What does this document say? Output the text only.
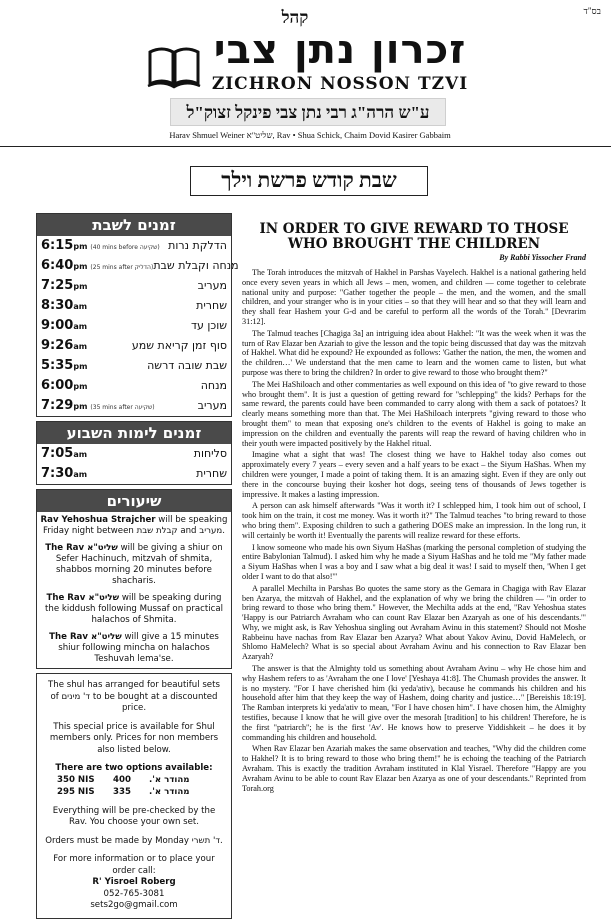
בס"ד
קהל
זכרון נתן צבי
ZICHRON NOSSON TZVI
ע"ש הרה"ג רבי נתן צבי פינקל זצוק"ל
Harav Shmuel Weiner שליט"א, Rav • Shua Schick, Chaim Dovid Kasirer Gabbaim
שבת קודש פרשת וילך
זמנים לשבת
6:15pm (40 mins before שקיעה) הדלקת נרות
6:40pm (25 mins after הדליק) מנחה וקבלת שבת
7:25pm	מעריב
8:30am	שחרית
9:00am	שוכן עד
9:26am	סוף זמן קריאת שמע
5:35pm	שבת שובה דרשה
6:00pm	מנחה
7:29pm (35 mins after שקיעה)	מעריב
זמנים לימות השבוע
7:05am	סליחות
7:30am	שחרית
שיעורים
Rav Yehoshua Strajcher will be speaking Friday night between קבלת שבת and מעריב.
The Rav שליט"א will be giving a shiur on Sefer Hachinuch, mitzvah of shmita, shabbos morning 20 minutes before shacharis.
The Rav שליט"א will be speaking during the kiddush following Mussaf on practical halachos of Shmita.
The Rav שליט"א will give a 15 minutes shiur following mincha on halachos Teshuvah lema'se.

The shul has arranged for beautiful sets of ד' מינים to be bought at a discounted price.

This special price is available for Shul members only. Prices for non members also listed below.

There are two options available:
350 NIS	400	מהודר א'.
295 NIS	335	מהודר א'.

Everything will be pre-checked by the Rav. You choose your own set.

Orders must be made by Monday ד' תשרי.

For more information or to place your order call:

R' Yisroel Roberg
052-765-3081
sets2go@gmail.com
IN ORDER TO GIVE REWARD TO THOSE WHO BROUGHT THE CHILDREN
By Rabbi Yissocher Frand

The Torah introduces the mitzvah of Hakhel in Parshas Vayelech. Hakhel is a national gathering held once every seven years in which all Jews – men, women, and children — come together to celebrate national unity and purpose: "Gather together the people – the men, and the women, and the small children, and your stranger who is in your cities – so that they will hear and so that they will learn and they shall fear Hashem your G-d and be careful to perform all the words of the Torah." [Devrarim 31:12].

The Talmud teaches [Chagiga 3a] an intriguing idea about Hakhel: "It was the week when it was the turn of Rav Elazar ben Azariah to give the lesson and the topic being discussed that day was the mitzvah of Hakhel. What did he expound? He expounded as follows: 'Gather the nation, the men, the women and the children…' We understand that the men came to learn and the women came to listen, but what purpose was there to bring the children? In order to give reward to those who brought them?"

The Mei HaShiloach and other commentaries as well expound on this idea of "to give reward to those who brought them". It is just a question of getting reward for "schlepping" the kids? Perhaps for the same reward, the parents could have been commanded to carry along with them a sack of potatoes? It clearly means something more than that. The Mei HaShiloach interprets "giving reward to those who brought them" to mean that exposing one's children to the events of Hakhel is going to make an impression on the children and eventually the parents will reap the reward of having children who in their youth were impacted positively by the Hakhel ritual.

Imagine what a sight that was! The closest thing we have to Hakhel today also comes out approximately every 7 years – every seven and a half years to be exact – the Siyum HaShas. When my children were younger, I made a point of taking them. It is an amazing sight. Even if they are only out there in the concourse buying their kosher hot dogs, seeing tens of thousands of Jews together is impressive. It makes a lasting impression.

A person can ask himself afterwards "Was it worth it? I schlepped him, I took him out of school, I took him on the train, it cost me money. Was it worth it?" The Talmud teaches "to bring reward to those who bring them". Exposing children to such a gathering DOES make an impression. In the long run, it will certainly be worth it! Eventually the parents will realize reward for these efforts.

I know someone who made his own Siyum HaShas (marking the personal completion of studying the entire Babylonian Talmud). I asked him why he made a Siyum HaShas and he told me "My father made a Siyum HaShas when I was a boy and I saw what a big deal it was! I said to myself then, 'When I get older I want to do that also!'"

A parallel Mechilta in Parshas Bo quotes the same story as the Gemara in Chagiga with Rav Elazar ben Azarya, the mitzvah of Hakhel, and the explanation of why we bring the children — "in order to bring reward to those who bring them." However, the Mechilta adds at the end, "Rav Yehoshua states 'Happy is our Patriarch Avraham who can count Rav Elazar ben Azaryah as one of his descendants.'" Why, we might ask, is Rav Yehoshua singling out Avraham Avinu in this statement? Should not Moshe Rabbeinu have nachas from Rav Elazar ben Azarya? What about Yakov Avinu, Dovid HaMelech, or Shlomo HaMelech? What is so special about Avraham Avinu and his connection to Rav Elazar ben Azaryah?

The answer is that the Almighty told us something about Avraham Avinu – why He chose him and why Hashem refers to as 'Avraham the one I love' [Yeshaya 41:8]. The Chumash provides the answer. It is no mystery. "For I have cherished him (ki yeda'ativ), because he commands his children and his household after him that they keep the way of Hashem, doing charity and justice…" [Bereishis 18:19]. The Ramban interprets ki yeda'ativ to mean, "For I have chosen him". I have chosen him, the Almighty testifies, because I know that he will give over the mesorah [tradition] to his children! Therefore, he is the first "patriarch"; he is the first 'Av'. He knows how to preserve Yiddishkeit – he does it by commanding his children and household.

When Rav Elazar ben Azariah makes the same observation and teaches, "Why did the children come to Hakhel? It is to bring reward to those who bring them!" he is echoing the teaching of the Patriarch Avraham. This is exactly the tradition Avraham instituted in Klal Yisrael. Therefore "Happy are you Avraham Avinu to be able to count Rav Elazar ben Azarya as one of your descendants." Reprinted from Torah.org
